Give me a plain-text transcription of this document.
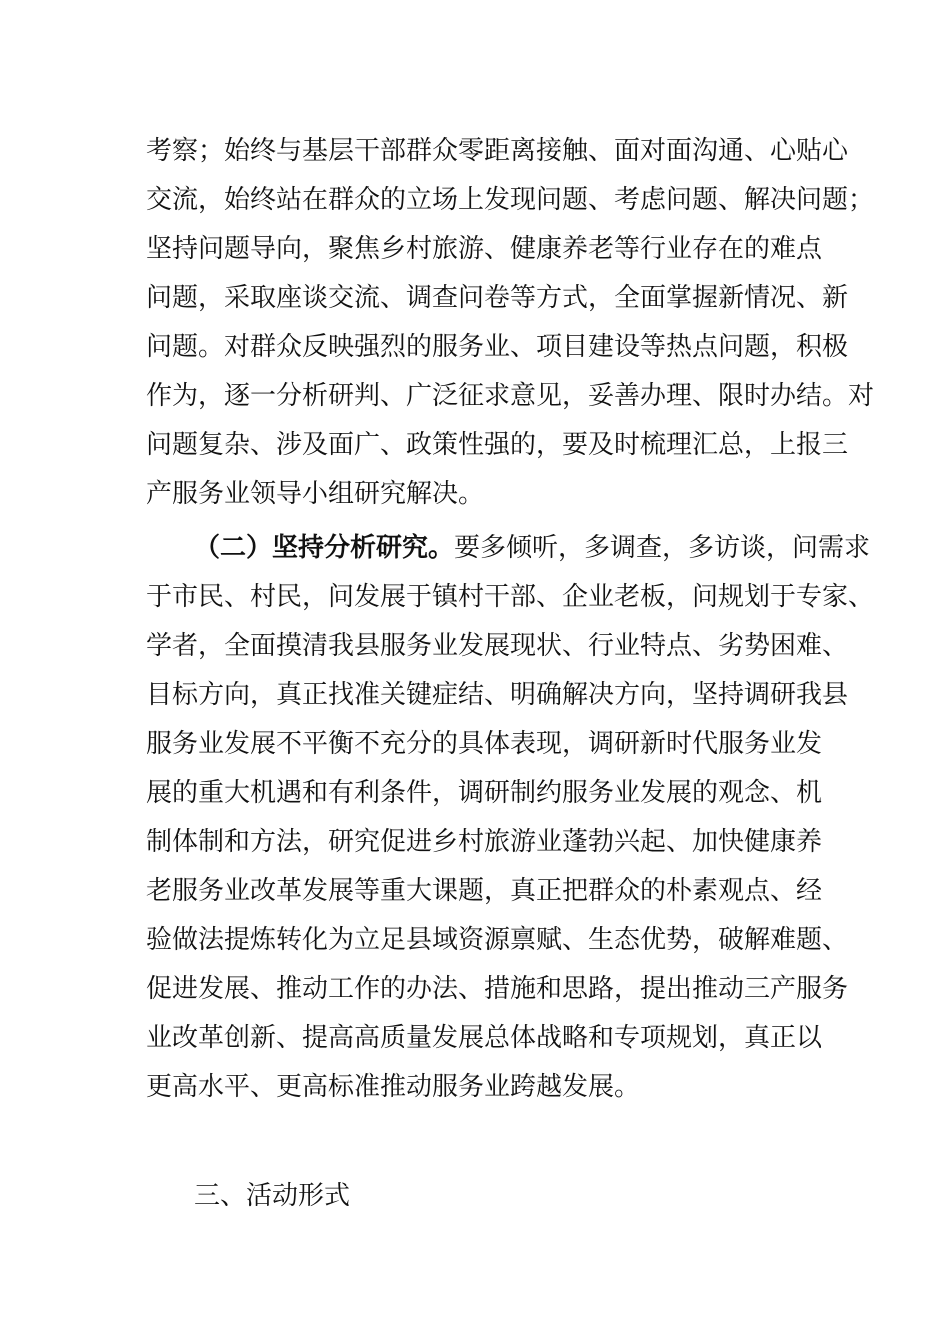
考察；始终与基层干部群众零距离接触、面对面沟通、心贴心
交流，始终站在群众的立场上发现问题、考虑问题、解决问题；
坚持问题导向，聚焦乡村旅游、健康养老等行业存在的难点
问题，采取座谈交流、调查问卷等方式，全面掌握新情况、新
问题。对群众反映强烈的服务业、项目建设等热点问题，积极
作为，逐一分析研判、广泛征求意见，妥善办理、限时办结。对
问题复杂、涉及面广、政策性强的，要及时梳理汇总，上报三
产服务业领导小组研究解决。
（二）坚持分析研究。要多倾听，多调查，多访谈，问需求
于市民、村民，问发展于镇村干部、企业老板，问规划于专家、
学者，全面摸清我县服务业发展现状、行业特点、劣势困难、
目标方向，真正找准关键症结、明确解决方向，坚持调研我县
服务业发展不平衡不充分的具体表现，调研新时代服务业发
展的重大机遇和有利条件，调研制约服务业发展的观念、机
制体制和方法，研究促进乡村旅游业蓬勃兴起、加快健康养
老服务业改革发展等重大课题，真正把群众的朴素观点、经
验做法提炼转化为立足县域资源禀赋、生态优势，破解难题、
促进发展、推动工作的办法、措施和思路，提出推动三产服务
业改革创新、提高高质量发展总体战略和专项规划，真正以
更高水平、更高标准推动服务业跨越发展。
三、活动形式
